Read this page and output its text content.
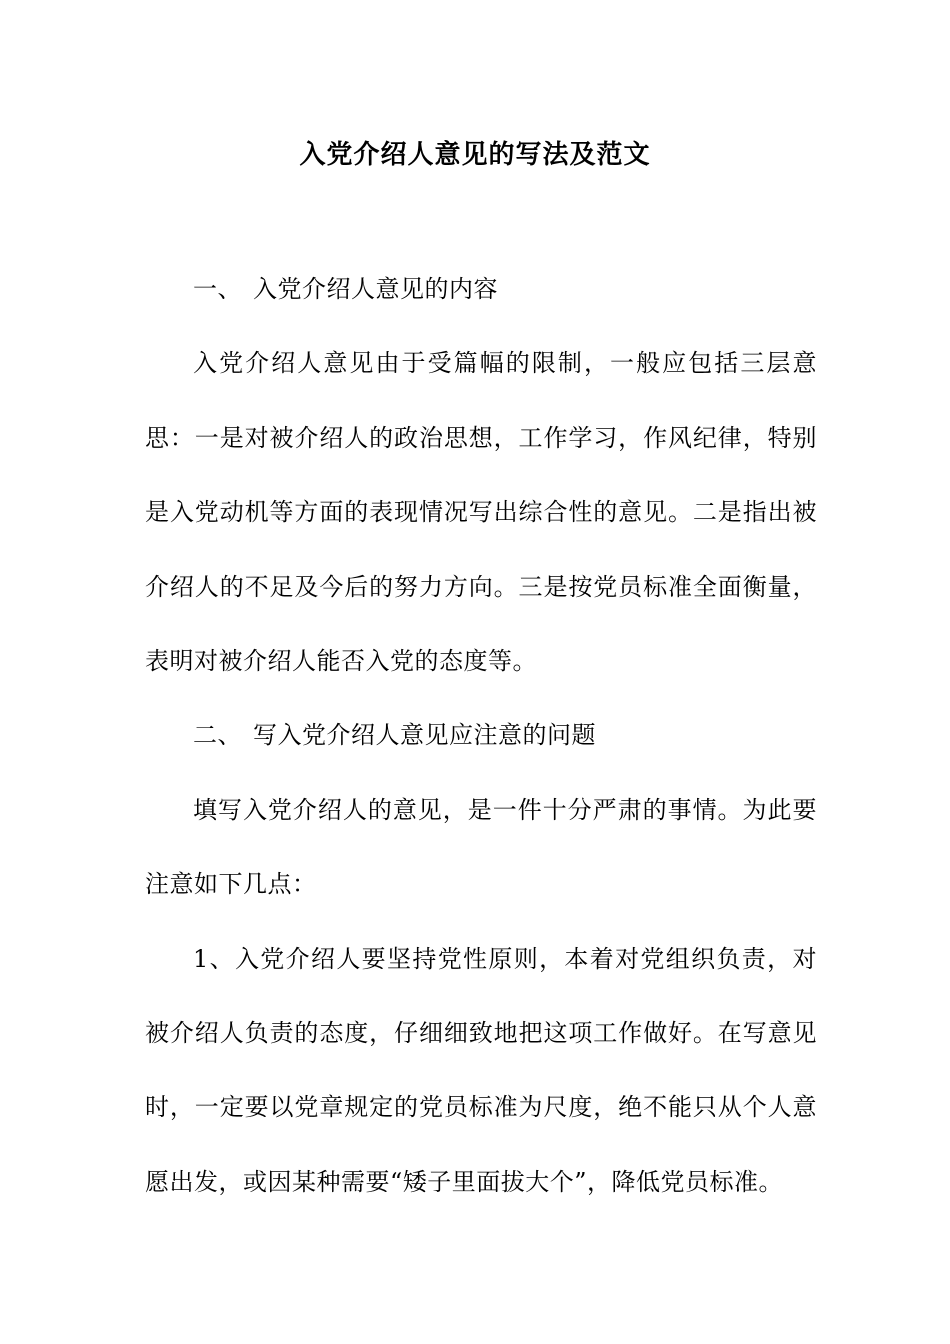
入党介绍人意见的写法及范文
一、 入党介绍人意见的内容

入党介绍人意见由于受篇幅的限制，一般应包括三层意思：一是对被介绍人的政治思想，工作学习，作风纪律，特别是入党动机等方面的表现情况写出综合性的意见。二是指出被介绍人的不足及今后的努力方向。三是按党员标准全面衡量，表明对被介绍人能否入党的态度等。

二、 写入党介绍人意见应注意的问题

填写入党介绍人的意见，是一件十分严肃的事情。为此要注意如下几点：

1、入党介绍人要坚持党性原则，本着对党组织负责，对被介绍人负责的态度，仔细细致地把这项工作做好。在写意见时，一定要以党章规定的党员标准为尺度，绝不能只从个人意愿出发，或因某种需要“矮子里面拔大个”，降低党员标准。
